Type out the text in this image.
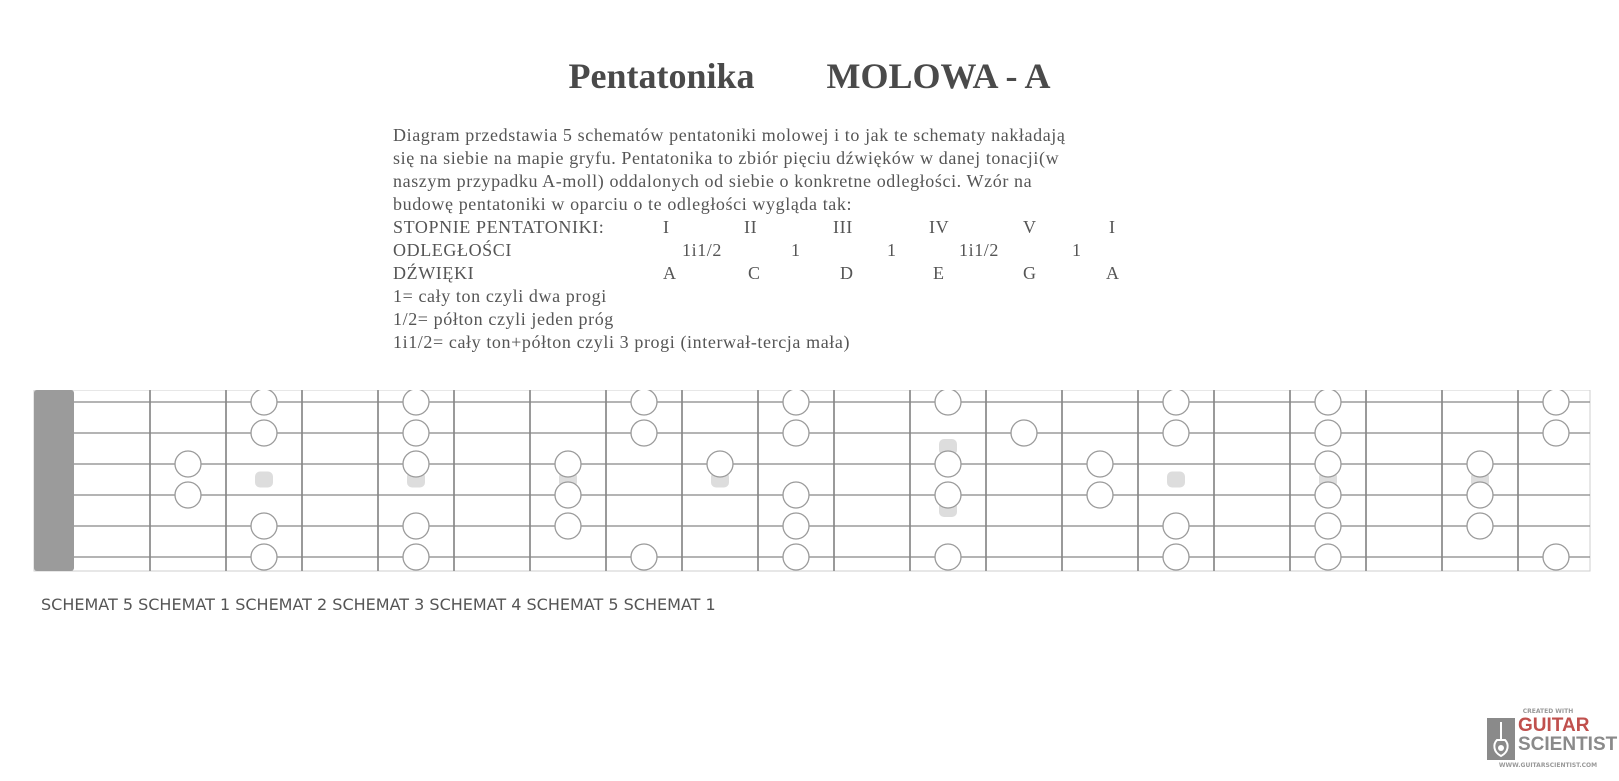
Pentatonika MOLOWA - A

Diagram przedstawia 5 schematów pentatoniki molowej i to jak te schematy nakładają

się na siebie na mapie gryfu. Pentatonika to zbiór pięciu dźwięków w danej tonacji(w

naszym przypadku A-moll) oddalonych od siebie o konkretne odległości. Wzór na

budowę pentatoniki w oparciu o te odległości wygląda tak:

STOPNIE PENTATONIKI:	I	II	III	IV	V	I
ODLEGŁOŚCI	1i1/2	1	1	1i1/2	1
DŹWIĘKI	A	C	D	E	G	A

1= cały ton czyli dwa progi

1/2= półton czyli jeden próg

1i1/2= cały ton+półton czyli 3 progi (interwał-tercja mała)

SCHEMAT 5 SCHEMAT 1 SCHEMAT 2 SCHEMAT 3 SCHEMAT 4 SCHEMAT 5 SCHEMAT 1
CREATED WITH
GUITAR
SCIENTIST
WWW.GUITARSCIENTIST.COM
